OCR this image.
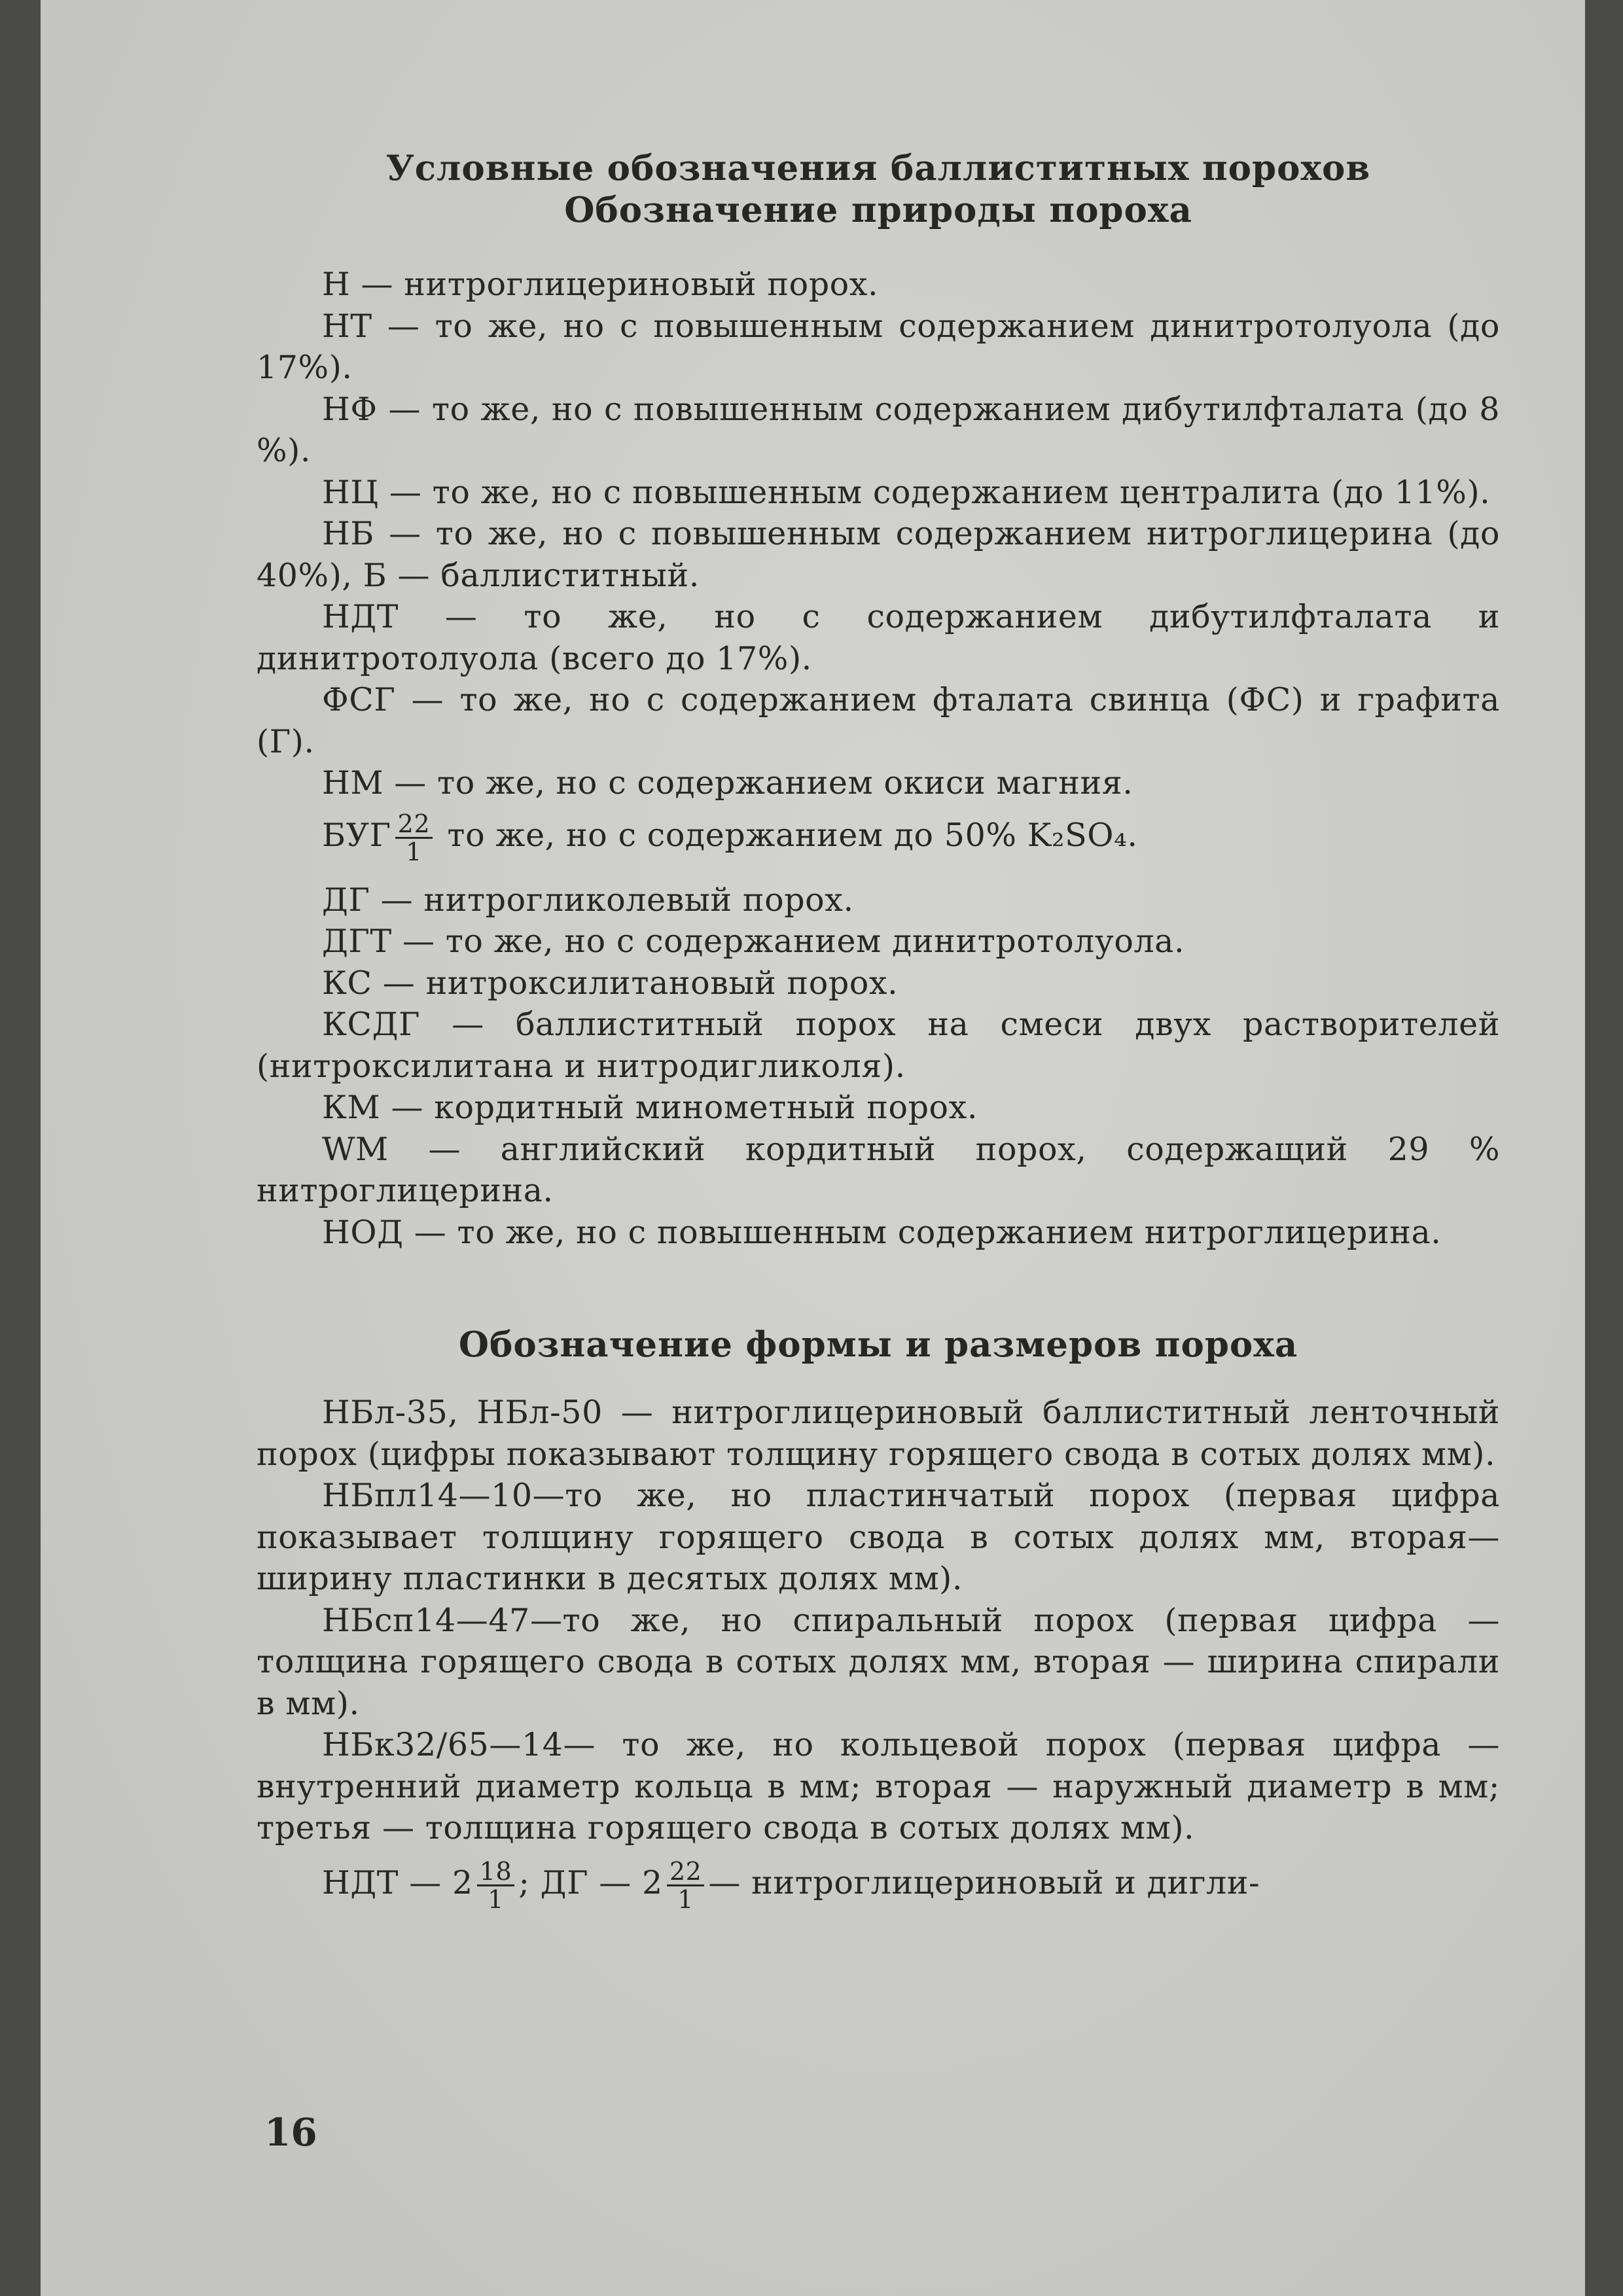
Условные обозначения баллиститных порохов

Обозначение природы пороха

Н — нитроглицериновый порох.

НТ — то же, но с повышенным содержанием динитротолуола (до 17%).

НФ — то же, но с повышенным содержанием дибутилфталата (до 8 %).

НЦ — то же, но с повышенным содержанием централита (до 11%).

НБ — то же, но с повышенным содержанием нитроглицерина (до 40%), Б — баллиститный.

НДТ — то же, но с содержанием дибутилфталата и динитротолуола (всего до 17%).

ФСГ — то же, но с содержанием фталата свинца (ФС) и графита (Г).

НМ — то же, но с содержанием окиси магния.

БУГ $\frac{22}{1}$ то же, но с содержанием до 50% K₂SO₄.

ДГ — нитрогликолевый порох.

ДГТ — то же, но с содержанием динитротолуола.

КС — нитроксилитановый порох.

КСДГ — баллиститный порох на смеси двух растворителей (нитроксилитана и нитродигликоля).

КМ — кордитный минометный порох.

WM — английский кордитный порох, содержащий 29 % нитроглицерина.

НОД — то же, но с повышенным содержанием нитроглицерина.

Обозначение формы и размеров пороха

НБл-35, НБл-50 — нитроглицериновый баллиститный ленточный порох (цифры показывают толщину горящего свода в сотых долях мм).

НБпл14—10—то же, но пластинчатый порох (первая цифра показывает толщину горящего свода в сотых долях мм, вторая—ширину пластинки в десятых долях мм).

НБсп14—47—то же, но спиральный порох (первая цифра —толщина горящего свода в сотых долях мм, вторая — ширина спирали в мм).

НБк32/65—14— то же, но кольцевой порох (первая цифра — внутренний диаметр кольца в мм; вторая — наружный диаметр в мм; третья — толщина горящего свода в сотых долях мм).

НДТ — $2 \frac{18}{1}$ ; ДГ — $2 \frac{22}{1}$ — нитроглицериновый и дигли-

16
